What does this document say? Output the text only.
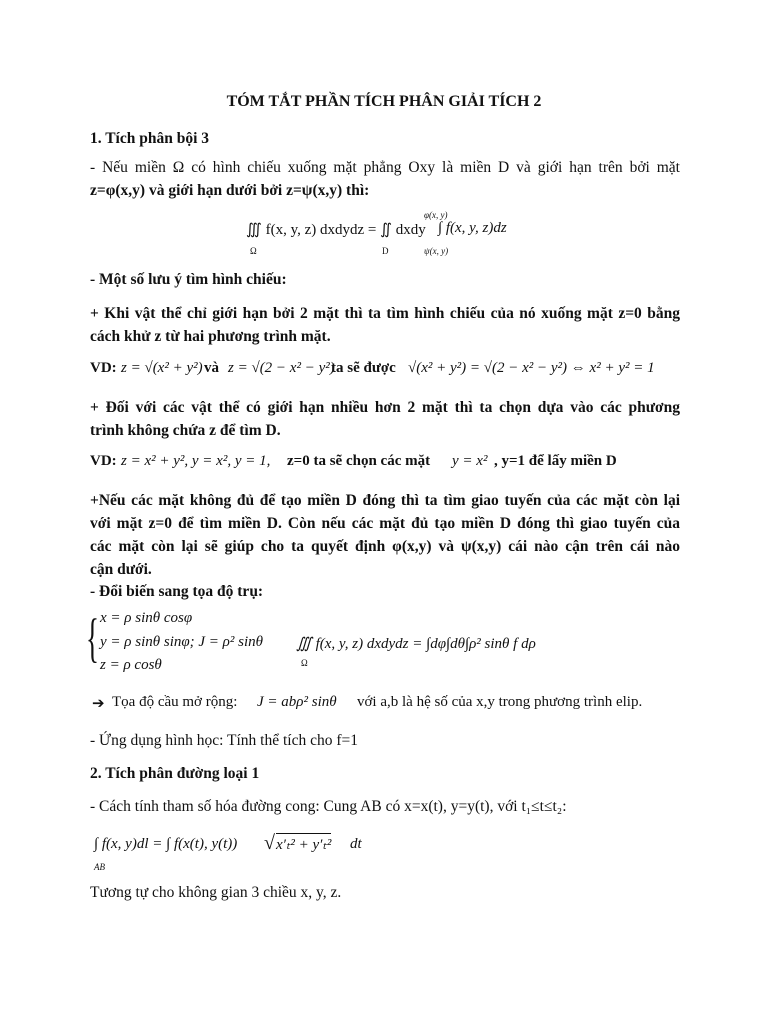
TÓM TẮT PHẦN TÍCH PHÂN GIẢI TÍCH 2

1. Tích phân bội 3

- Nếu miền Ω có hình chiếu xuống mặt phẳng Oxy là miền D và giới hạn trên bởi mặt

z=φ(x,y) và giới hạn dưới bởi z=ψ(x,y) thì:

∭ f(x, y, z) dxdydz = ∬ dxdy
Ω	D
φ(x, y)
ψ(x, y)
∫ f(x, y, z)dz

- Một số lưu ý tìm hình chiếu:

+ Khi vật thể chỉ giới hạn bởi 2 mặt thì ta tìm hình chiếu của nó xuống mặt z=0 bằng

cách khử z từ hai phương trình mặt.

VD: z = √(x² + y²) và z = √(2 − x² − y²)
ta sẽ được √(x² + y²) = √(2 − x² − y²) ⇔ x² + y² = 1

+ Đối với các vật thể có giới hạn nhiều hơn 2 mặt thì ta chọn dựa vào các phương

trình không chứa z để tìm D.

VD: z = x² + y², y = x², y = 1, z=0 ta sẽ chọn các mặt y = x² , y=1 để lấy miền D

+Nếu các mặt không đủ để tạo miền D đóng thì ta tìm giao tuyến của các mặt còn lại

với mặt z=0 để tìm miền D. Còn nếu các mặt đủ tạo miền D đóng thì giao tuyến của

các mặt còn lại sẽ giúp cho ta quyết định φ(x,y) và ψ(x,y) cái nào cận trên cái nào

cận dưới.

- Đổi biến sang tọa độ trụ:

{ x = ρ sinθ cosφ
y = ρ sinθ sinφ; J = ρ² sinθ ∭ f(x, y, z) dxdydz = ∫dφ∫dθ∫ρ² sinθ f dρ
Ω
z = ρ cosθ
➔ Tọa độ cầu mở rộng: J = abρ² sinθ với a,b là hệ số của x,y trong phương trình elip.

- Ứng dụng hình học: Tính thể tích cho f=1

2. Tích phân đường loại 1

- Cách tính tham số hóa đường cong: Cung AB có x=x(t), y=y(t), với t₁≤t≤t₂:

∫ f(x, y)dl = ∫ f(x(t), y(t)) √ x′ₜ² + y′ₜ² dt
AB

Tương tự cho không gian 3 chiều x, y, z.
